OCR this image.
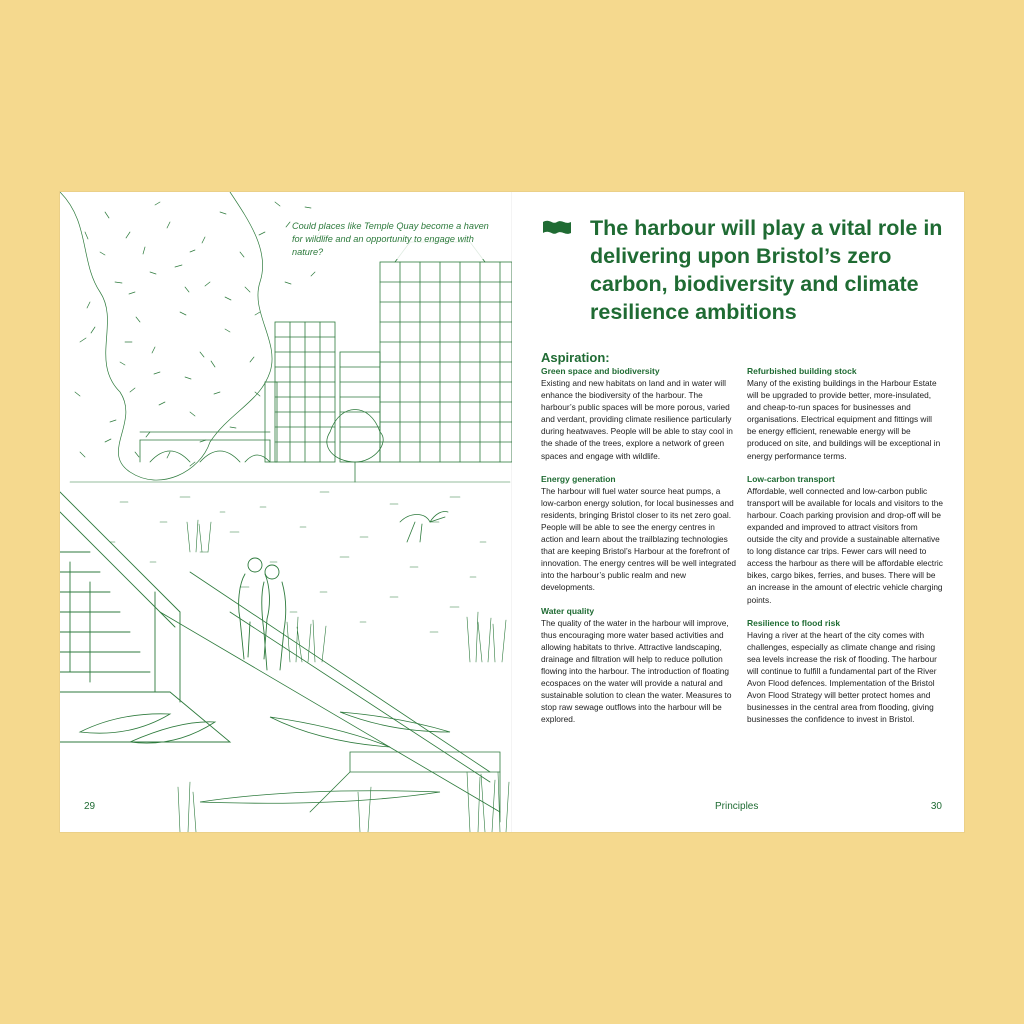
Could places like Temple Quay become a haven for wildlife and an opportunity to engage with nature?
29
The harbour will play a vital role in delivering upon Bristol’s zero carbon, biodiversity and climate resilience ambitions
Aspiration:
Green space and biodiversity

Existing and new habitats on land and in water will enhance the biodiversity of the harbour. The harbour’s public spaces will be more porous, varied and verdant, providing climate resilience particularly during heatwaves. People will be able to stay cool in the shade of the trees, explore a network of green spaces and engage with wildlife.

Energy generation

The harbour will fuel water source heat pumps, a low-carbon energy solution, for local businesses and residents, bringing Bristol closer to its net zero goal. People will be able to see the energy centres in action and learn about the trailblazing technologies that are keeping Bristol’s Harbour at the forefront of innovation. The energy centres will be well integrated into the harbour’s public realm and new developments.

Water quality

The quality of the water in the harbour will improve, thus encouraging more water based activities and allowing habitats to thrive. Attractive landscaping, drainage and filtration will help to reduce pollution flowing into the harbour. The introduction of floating ecospaces on the water will provide a natural and sustainable solution to clean the water. Measures to stop raw sewage outflows into the harbour will be explored.

Refurbished building stock

Many of the existing buildings in the Harbour Estate will be upgraded to provide better, more-insulated, and cheap-to-run spaces for businesses and organisations. Electrical equipment and fittings will be energy efficient, renewable energy will be produced on site, and buildings will be exceptional in energy performance terms.

Low-carbon transport

Affordable, well connected and low-carbon public transport will be available for locals and visitors to the harbour. Coach parking provision and drop-off will be expanded and improved to attract visitors from outside the city and provide a sustainable alternative to long distance car trips. Fewer cars will need to access the harbour as there will be affordable electric bikes, cargo bikes, ferries, and buses. There will be an increase in the amount of electric vehicle charging points.

Resilience to flood risk

Having a river at the heart of the city comes with challenges, especially as climate change and rising sea levels increase the risk of flooding. The harbour will continue to fulfill a fundamental part of the River Avon Flood defences. Implementation of the Bristol Avon Flood Strategy will better protect homes and businesses in the central area from flooding, giving businesses the confidence to invest in Bristol.

Principles	30
